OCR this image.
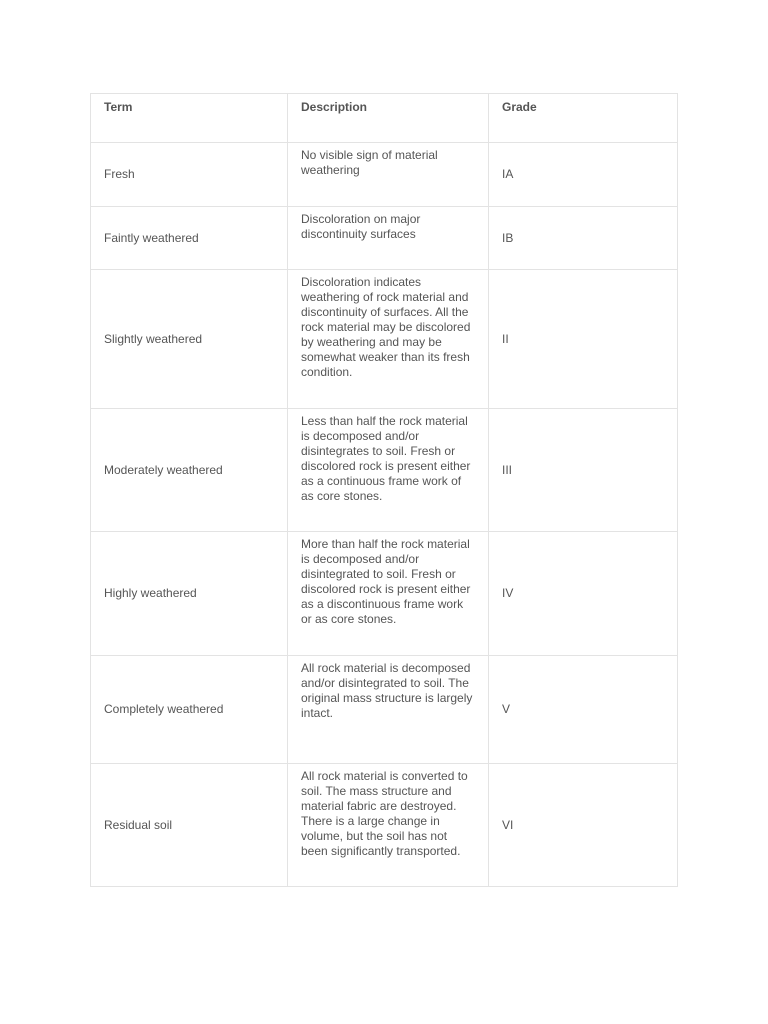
Term	Description	Grade
Fresh	No visible sign of material weathering	IA
Faintly weathered	Discoloration on major discontinuity surfaces	IB
Slightly weathered	Discoloration indicates weathering of rock material and discontinuity of surfaces. All the rock material may be discolored by weathering and may be somewhat weaker than its fresh condition.	II
Moderately weathered	Less than half the rock material is decomposed and/or disintegrates to soil. Fresh or discolored rock is present either as a continuous frame work of as core stones.	III
Highly weathered	More than half the rock material is decomposed and/or disintegrated to soil. Fresh or discolored rock is present either as a discontinuous frame work or as core stones.	IV
Completely weathered	All rock material is decomposed and/or disintegrated to soil. The original mass structure is largely intact.	V
Residual soil	All rock material is converted to soil. The mass structure and material fabric are destroyed. There is a large change in volume, but the soil has not been significantly transported.	VI
